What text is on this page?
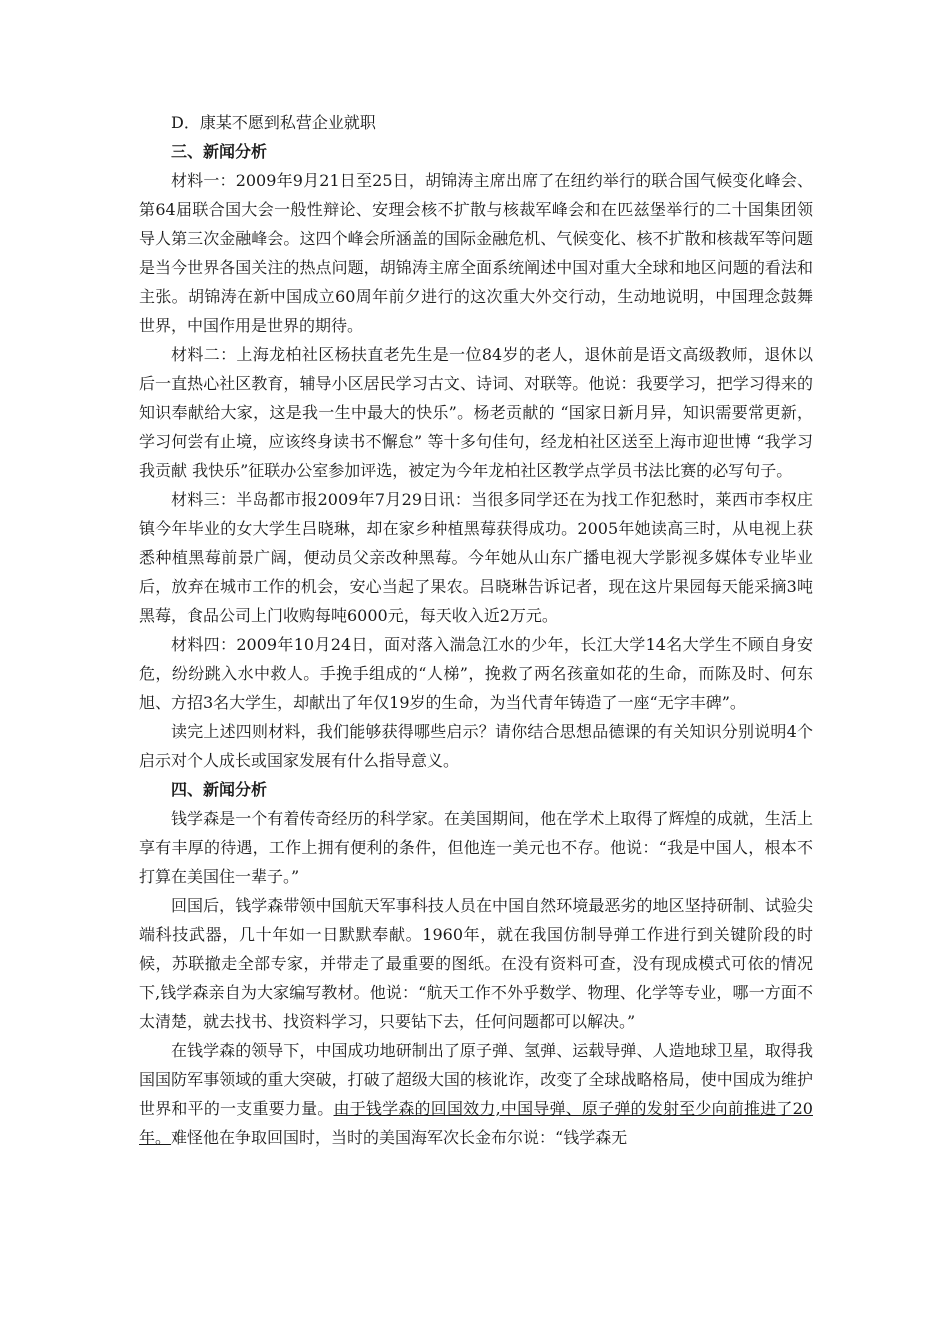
D．康某不愿到私营企业就职

三、新闻分析

材料一：2009年9月21日至25日，胡锦涛主席出席了在纽约举行的联合国气候变化峰会、第64届联合国大会一般性辩论、安理会核不扩散与核裁军峰会和在匹兹堡举行的二十国集团领导人第三次金融峰会。这四个峰会所涵盖的国际金融危机、气候变化、核不扩散和核裁军等问题是当今世界各国关注的热点问题，胡锦涛主席全面系统阐述中国对重大全球和地区问题的看法和主张。胡锦涛在新中国成立60周年前夕进行的这次重大外交行动，生动地说明，中国理念鼓舞世界，中国作用是世界的期待。

材料二：上海龙柏社区杨扶直老先生是一位84岁的老人，退休前是语文高级教师，退休以后一直热心社区教育，辅导小区居民学习古文、诗词、对联等。他说：我要学习，把学习得来的知识奉献给大家，这是我一生中最大的快乐”。杨老贡献的 “国家日新月异，知识需要常更新，学习何尝有止境，应该终身读书不懈怠” 等十多句佳句，经龙柏社区送至上海市迎世博 “我学习 我贡献 我快乐”征联办公室参加评选，被定为今年龙柏社区教学点学员书法比赛的必写句子。

材料三：半岛都市报2009年7月29日讯：当很多同学还在为找工作犯愁时，莱西市李权庄镇今年毕业的女大学生吕晓琳，却在家乡种植黑莓获得成功。2005年她读高三时，从电视上获悉种植黑莓前景广阔，便动员父亲改种黑莓。今年她从山东广播电视大学影视多媒体专业毕业后，放弃在城市工作的机会，安心当起了果农。吕晓琳告诉记者，现在这片果园每天能采摘3吨黑莓，食品公司上门收购每吨6000元，每天收入近2万元。

材料四：2009年10月24日，面对落入湍急江水的少年，长江大学14名大学生不顾自身安危，纷纷跳入水中救人。手挽手组成的“人梯”，挽救了两名孩童如花的生命，而陈及时、何东旭、方招3名大学生，却献出了年仅19岁的生命，为当代青年铸造了一座“无字丰碑”。

读完上述四则材料，我们能够获得哪些启示？请你结合思想品德课的有关知识分别说明4个启示对个人成长或国家发展有什么指导意义。

四、新闻分析

钱学森是一个有着传奇经历的科学家。在美国期间，他在学术上取得了辉煌的成就，生活上享有丰厚的待遇，工作上拥有便利的条件，但他连一美元也不存。他说：“我是中国人，根本不打算在美国住一辈子。”

回国后，钱学森带领中国航天军事科技人员在中国自然环境最恶劣的地区坚持研制、试验尖端科技武器，几十年如一日默默奉献。1960年，就在我国仿制导弹工作进行到关键阶段的时候，苏联撤走全部专家，并带走了最重要的图纸。在没有资料可查，没有现成模式可依的情况下,钱学森亲自为大家编写教材。他说：“航天工作不外乎数学、物理、化学等专业，哪一方面不太清楚，就去找书、找资料学习，只要钻下去，任何问题都可以解决。”

在钱学森的领导下，中国成功地研制出了原子弹、氢弹、运载导弹、人造地球卫星，取得我国国防军事领域的重大突破，打破了超级大国的核讹诈，改变了全球战略格局，使中国成为维护世界和平的一支重要力量。由于钱学森的回国效力,中国导弹、原子弹的发射至少向前推进了20年。难怪他在争取回国时，当时的美国海军次长金布尔说：“钱学森无
